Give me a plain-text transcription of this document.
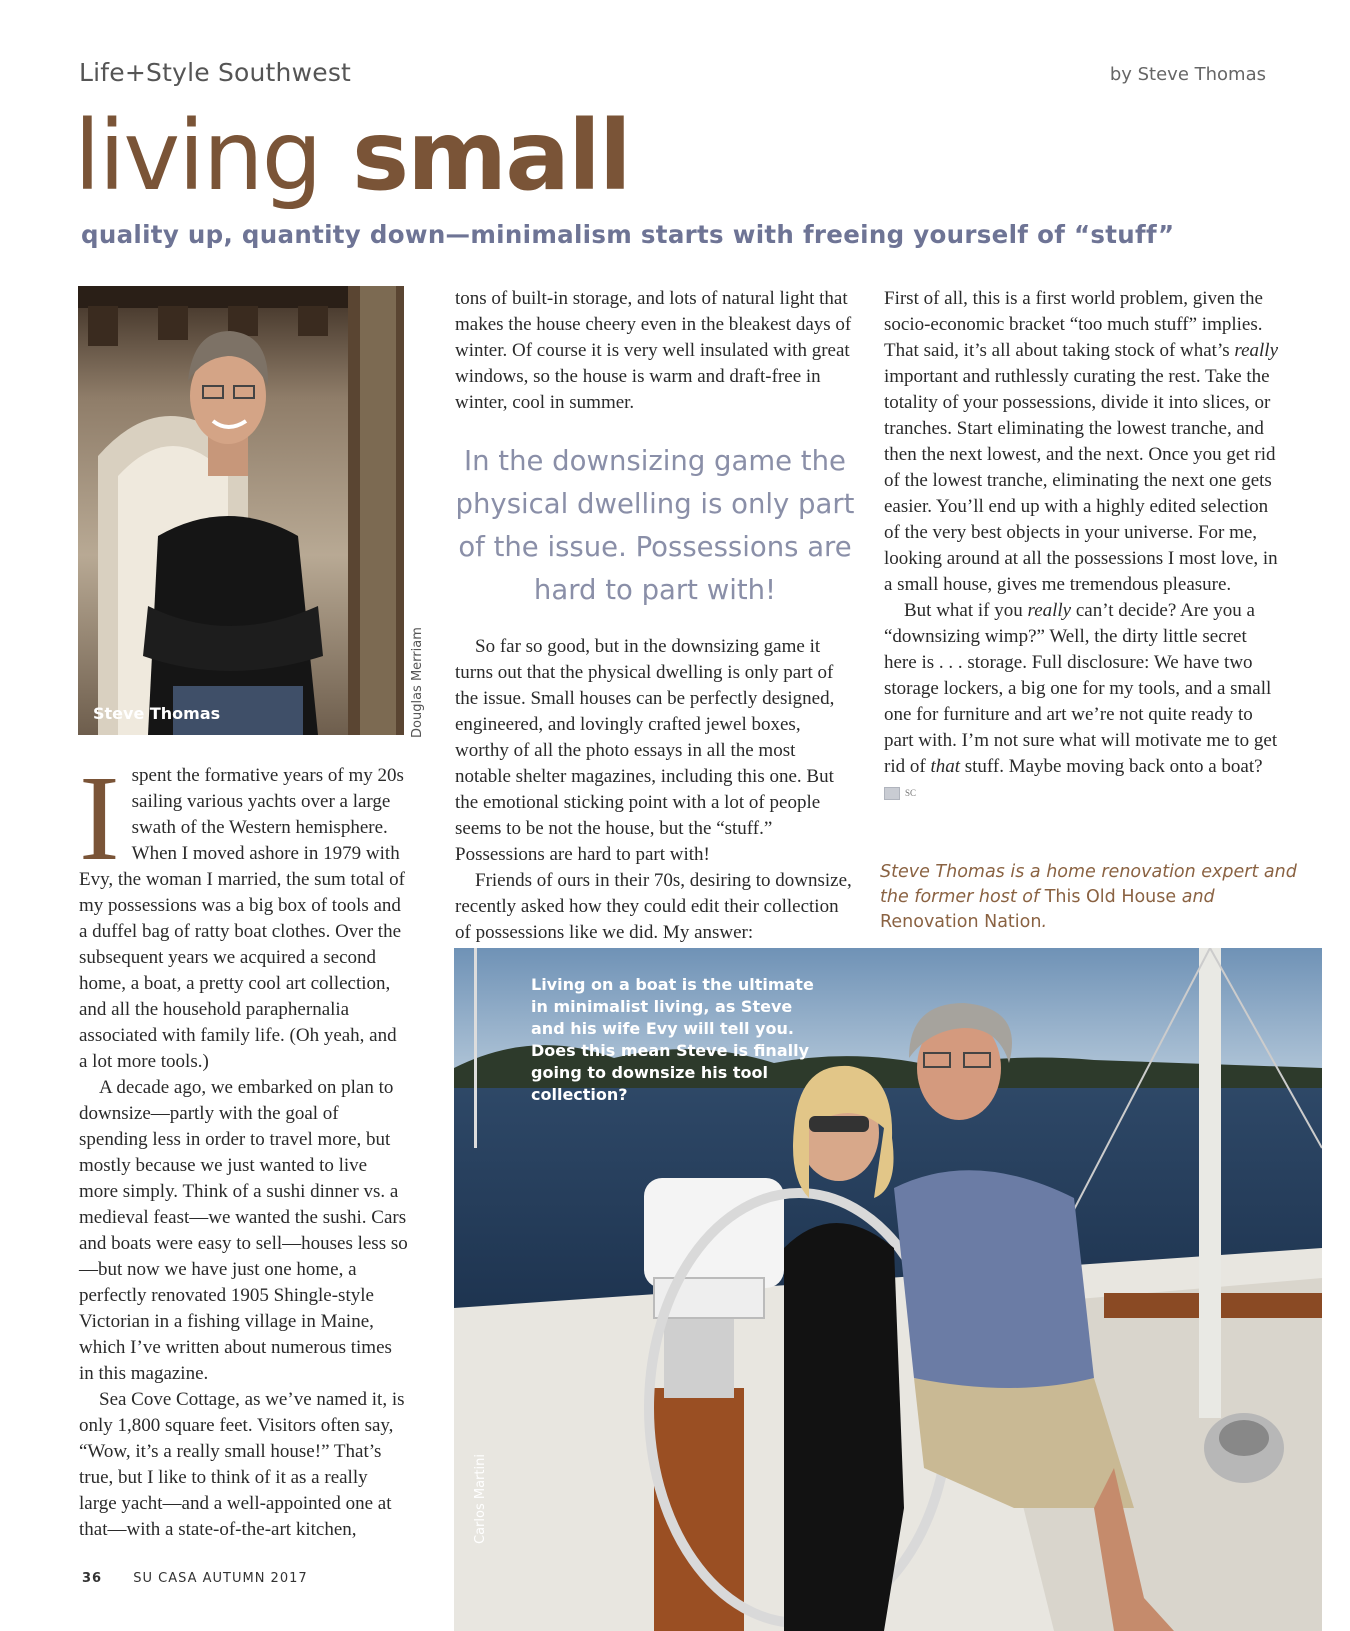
Life+Style Southwest	by Steve Thomas
living small
quality up, quantity down—minimalism starts with freeing yourself of “stuff”
Steve Thomas	Douglas Merriam
I spent the formative years of my 20s sailing various yachts over a large swath of the Western hemisphere. When I moved ashore in 1979 with Evy, the woman I married, the sum total of my possessions was a big box of tools and a duffel bag of ratty boat clothes. Over the subsequent years we acquired a second home, a boat, a pretty cool art collection, and all the household paraphernalia associated with family life. (Oh yeah, and a lot more tools.)

A decade ago, we embarked on plan to downsize—partly with the goal of spending less in order to travel more, but mostly because we just wanted to live more simply. Think of a sushi dinner vs. a medieval feast—we wanted the sushi. Cars and boats were easy to sell—houses less so—but now we have just one home, a perfectly renovated 1905 Shingle-style Victorian in a fishing village in Maine, which I’ve written about numerous times in this magazine.

Sea Cove Cottage, as we’ve named it, is only 1,800 square feet. Visitors often say, “Wow, it’s a really small house!” That’s true, but I like to think of it as a really large yacht—and a well-appointed one at that—with a state-of-the-art kitchen,

tons of built-in storage, and lots of natural light that makes the house cheery even in the bleakest days of winter. Of course it is very well insulated with great windows, so the house is warm and draft-free in winter, cool in summer.

In the downsizing game the physical dwelling is only part of the issue. Possessions are hard to part with!

So far so good, but in the downsizing game it turns out that the physical dwelling is only part of the issue. Small houses can be perfectly designed, engineered, and lovingly crafted jewel boxes, worthy of all the photo essays in all the most notable shelter magazines, including this one. But the emotional sticking point with a lot of people seems to be not the house, but the “stuff.” Possessions are hard to part with!

Friends of ours in their 70s, desiring to downsize, recently asked how they could edit their collection of possessions like we did. My answer:

First of all, this is a first world problem, given the socio-economic bracket “too much stuff” implies. That said, it’s all about taking stock of what’s really important and ruthlessly curating the rest. Take the totality of your possessions, divide it into slices, or tranches. Start eliminating the lowest tranche, and then the next lowest, and the next. Once you get rid of the lowest tranche, eliminating the next one gets easier. You’ll end up with a highly edited selection of the very best objects in your universe. For me, looking around at all the possessions I most love, in a small house, gives me tremendous pleasure.

But what if you really can’t decide? Are you a “downsizing wimp?” Well, the dirty little secret here is . . . storage. Full disclosure: We have two storage lockers, a big one for my tools, and a small one for furniture and art we’re not quite ready to part with. I’m not sure what will motivate me to get rid of that stuff. Maybe moving back onto a boat? SC

Steve Thomas is a home renovation expert and the former host of This Old House and Renovation Nation.
Living on a boat is the ultimate in minimalist living, as Steve and his wife Evy will tell you. Does this mean Steve is finally going to downsize his tool collection?
Carlos Martini
36 SU CASA AUTUMN 2017
